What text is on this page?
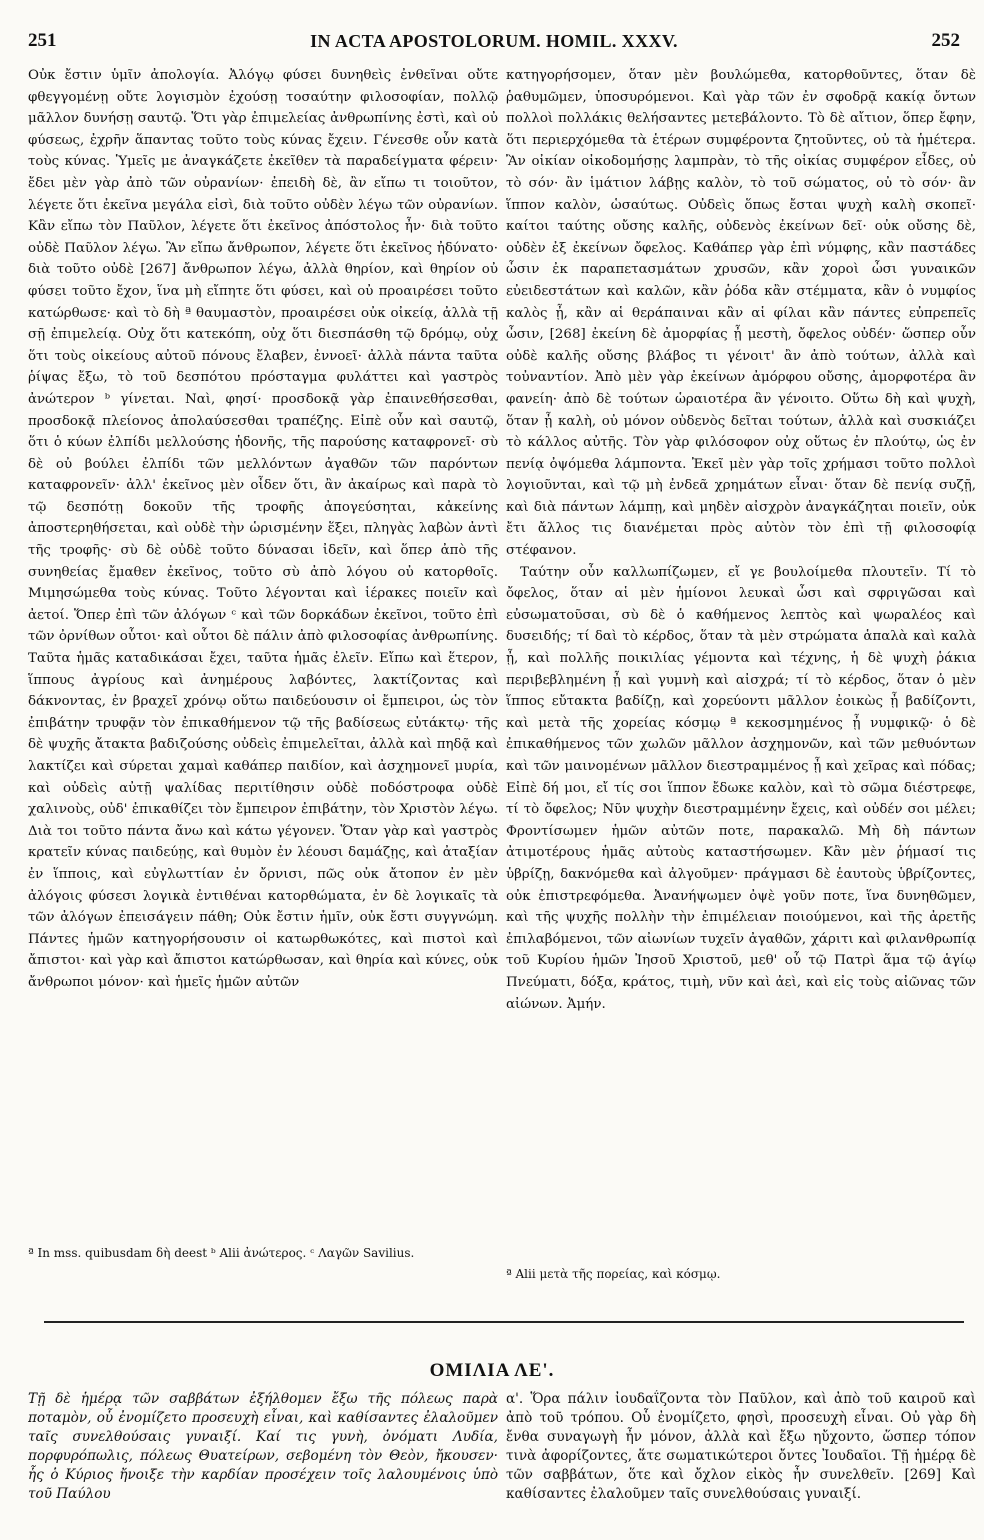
251	IN ACTA APOSTOLORUM. HOMIL. XXXV.	252

Οὐκ ἔστιν ὑμῖν ἀπολογία. Ἀλόγῳ φύσει δυνηθεὶς ἐνθεῖναι οὔτε φθεγγομένῃ οὔτε λογισμὸν ἐχούσῃ τοσαύτην φιλοσοφίαν, πολλῷ μᾶλλον δυνήσῃ σαυτῷ. Ὅτι γὰρ ἐπιμελείας ἀνθρωπίνης ἐστὶ, καὶ οὐ φύσεως, ἐχρῆν ἅπαντας τοῦτο τοὺς κύνας ἔχειν. Γένεσθε οὖν κατὰ τοὺς κύνας. Ὑμεῖς με ἀναγκάζετε ἐκεῖθεν τὰ παραδείγματα φέρειν· ἔδει μὲν γὰρ ἀπὸ τῶν οὐρανίων· ἐπειδὴ δὲ, ἂν εἴπω τι τοιοῦτον, λέγετε ὅτι ἐκεῖνα μεγάλα εἰσὶ, διὰ τοῦτο οὐδὲν λέγω τῶν οὐρανίων. Κἂν εἴπω τὸν Παῦλον, λέγετε ὅτι ἐκεῖνος ἀπόστολος ἦν· διὰ τοῦτο οὐδὲ Παῦλον λέγω. Ἂν εἴπω ἄνθρωπον, λέγετε ὅτι ἐκεῖνος ἠδύνατο· διὰ τοῦτο οὐδὲ [267] ἄνθρωπον λέγω, ἀλλὰ θηρίον, καὶ θηρίον οὐ φύσει τοῦτο ἔχον, ἵνα μὴ εἴπητε ὅτι φύσει, καὶ οὐ προαιρέσει τοῦτο κατώρθωσε· καὶ τὸ δὴ ª θαυμαστὸν, προαιρέσει οὐκ οἰκείᾳ, ἀλλὰ τῇ σῇ ἐπιμελείᾳ. Οὐχ ὅτι κατεκόπη, οὐχ ὅτι διεσπάσθη τῷ δρόμῳ, οὐχ ὅτι τοὺς οἰκείους αὐτοῦ πόνους ἔλαβεν, ἐννοεῖ· ἀλλὰ πάντα ταῦτα ῥίψας ἔξω, τὸ τοῦ δεσπότου πρόσταγμα φυλάττει καὶ γαστρὸς ἀνώτερον ᵇ γίνεται. Ναὶ, φησί· προσδοκᾷ γὰρ ἐπαινεθήσεσθαι, προσδοκᾷ πλείονος ἀπολαύσεσθαι τραπέζης. Εἰπὲ οὖν καὶ σαυτῷ, ὅτι ὁ κύων ἐλπίδι μελλούσης ἡδονῆς, τῆς παρούσης καταφρονεῖ· σὺ δὲ οὐ βούλει ἐλπίδι τῶν μελλόντων ἀγαθῶν τῶν παρόντων καταφρονεῖν· ἀλλ' ἐκεῖνος μὲν οἶδεν ὅτι, ἂν ἀκαίρως καὶ παρὰ τὸ τῷ δεσπότῃ δοκοῦν τῆς τροφῆς ἀπογεύσηται, κἀκείνης ἀποστερηθήσεται, καὶ οὐδὲ τὴν ὡρισμένην ἕξει, πληγὰς λαβὼν ἀντὶ τῆς τροφῆς· σὺ δὲ οὐδὲ τοῦτο δύνασαι ἰδεῖν, καὶ ὅπερ ἀπὸ τῆς συνηθείας ἔμαθεν ἐκεῖνος, τοῦτο σὺ ἀπὸ λόγου οὐ κατορθοῖς. Μιμησώμεθα τοὺς κύνας. Τοῦτο λέγονται καὶ ἱέρακες ποιεῖν καὶ ἀετοί. Ὅπερ ἐπὶ τῶν ἀλόγων ᶜ καὶ τῶν δορκάδων ἐκεῖνοι, τοῦτο ἐπὶ τῶν ὀρνίθων οὗτοι· καὶ οὗτοι δὲ πάλιν ἀπὸ φιλοσοφίας ἀνθρωπίνης. Ταῦτα ἡμᾶς καταδικάσαι ἔχει, ταῦτα ἡμᾶς ἐλεῖν. Εἴπω καὶ ἕτερον, ἵππους ἀγρίους καὶ ἀνημέρους λαβόντες, λακτίζοντας καὶ δάκνοντας, ἐν βραχεῖ χρόνῳ οὕτω παιδεύουσιν οἱ ἔμπειροι, ὡς τὸν ἐπιβάτην τρυφᾷν τὸν ἐπικαθήμενον τῷ τῆς βαδίσεως εὐτάκτῳ· τῆς δὲ ψυχῆς ἄτακτα βαδιζούσης οὐδεὶς ἐπιμελεῖται, ἀλλὰ καὶ πηδᾷ καὶ λακτίζει καὶ σύρεται χαμαὶ καθάπερ παιδίον, καὶ ἀσχημονεῖ μυρία, καὶ οὐδεὶς αὐτῇ ψαλίδας περιτίθησιν οὐδὲ ποδόστροφα οὐδὲ χαλινοὺς, οὐδ' ἐπικαθίζει τὸν ἔμπειρον ἐπιβάτην, τὸν Χριστὸν λέγω. Διὰ τοι τοῦτο πάντα ἄνω καὶ κάτω γέγονεν. Ὅταν γὰρ καὶ γαστρὸς κρατεῖν κύνας παιδεύῃς, καὶ θυμὸν ἐν λέουσι δαμάζῃς, καὶ ἀταξίαν ἐν ἵπποις, καὶ εὐγλωττίαν ἐν ὄρνισι, πῶς οὐκ ἄτοπον ἐν μὲν ἀλόγοις φύσεσι λογικὰ ἐντιθέναι κατορθώματα, ἐν δὲ λογικαῖς τὰ τῶν ἀλόγων ἐπεισάγειν πάθη; Οὐκ ἔστιν ἡμῖν, οὐκ ἔστι συγγνώμη. Πάντες ἡμῶν κατηγορήσουσιν οἱ κατωρθωκότες, καὶ πιστοὶ καὶ ἄπιστοι· καὶ γὰρ καὶ ἄπιστοι κατώρθωσαν, καὶ θηρία καὶ κύνες, οὐκ ἄνθρωποι μόνον· καὶ ἡμεῖς ἡμῶν αὐτῶν

κατηγορήσομεν, ὅταν μὲν βουλώμεθα, κατορθοῦντες, ὅταν δὲ ῥαθυμῶμεν, ὑποσυρόμενοι. Καὶ γὰρ τῶν ἐν σφοδρᾷ κακίᾳ ὄντων πολλοὶ πολλάκις θελήσαντες μετεβάλοντο. Τὸ δὲ αἴτιον, ὅπερ ἔφην, ὅτι περιερχόμεθα τὰ ἑτέρων συμφέροντα ζητοῦντες, οὐ τὰ ἡμέτερα. Ἂν οἰκίαν οἰκοδομήσῃς λαμπρὰν, τὸ τῆς οἰκίας συμφέρον εἶδες, οὐ τὸ σόν· ἂν ἱμάτιον λάβῃς καλὸν, τὸ τοῦ σώματος, οὐ τὸ σόν· ἂν ἵππον καλὸν, ὡσαύτως. Οὐδεὶς ὅπως ἔσται ψυχὴ καλὴ σκοπεῖ· καίτοι ταύτης οὔσης καλῆς, οὐδενὸς ἐκείνων δεῖ· οὐκ οὔσης δὲ, οὐδὲν ἐξ ἐκείνων ὄφελος. Καθάπερ γὰρ ἐπὶ νύμφης, κἂν παστάδες ὦσιν ἐκ παραπετασμάτων χρυσῶν, κἂν χοροὶ ὦσι γυναικῶν εὐειδεστάτων καὶ καλῶν, κἂν ῥόδα κἂν στέμματα, κἂν ὁ νυμφίος καλὸς ᾖ, κἂν αἱ θεράπαιναι κἂν αἱ φίλαι κἂν πάντες εὐπρεπεῖς ὦσιν, [268] ἐκείνη δὲ ἀμορφίας ᾖ μεστὴ, ὄφελος οὐδέν· ὥσπερ οὖν οὐδὲ καλῆς οὔσης βλάβος τι γένοιτ' ἂν ἀπὸ τούτων, ἀλλὰ καὶ τοὐναντίον. Ἀπὸ μὲν γὰρ ἐκείνων ἀμόρφου οὔσης, ἀμορφοτέρα ἂν φανείη· ἀπὸ δὲ τούτων ὡραιοτέρα ἂν γένοιτο. Οὕτω δὴ καὶ ψυχὴ, ὅταν ᾖ καλὴ, οὐ μόνον οὐδενὸς δεῖται τούτων, ἀλλὰ καὶ συσκιάζει τὸ κάλλος αὐτῆς. Τὸν γὰρ φιλόσοφον οὐχ οὕτως ἐν πλούτῳ, ὡς ἐν πενίᾳ ὀψόμεθα λάμποντα. Ἐκεῖ μὲν γὰρ τοῖς χρήμασι τοῦτο πολλοὶ λογιοῦνται, καὶ τῷ μὴ ἐνδεᾶ χρημάτων εἶναι· ὅταν δὲ πενίᾳ συζῇ, καὶ διὰ πάντων λάμπῃ, καὶ μηδὲν αἰσχρὸν ἀναγκάζηται ποιεῖν, οὐκ ἔτι ἄλλος τις διανέμεται πρὸς αὐτὸν τὸν ἐπὶ τῇ φιλοσοφίᾳ στέφανον.

Ταύτην οὖν καλλωπίζωμεν, εἴ γε βουλοίμεθα πλουτεῖν. Τί τὸ ὄφελος, ὅταν αἱ μὲν ἡμίονοι λευκαὶ ὦσι καὶ σφριγῶσαι καὶ εὐσωματοῦσαι, σὺ δὲ ὁ καθήμενος λεπτὸς καὶ ψωραλέος καὶ δυσειδής; τί δαὶ τὸ κέρδος, ὅταν τὰ μὲν στρώματα ἁπαλὰ καὶ καλὰ ᾖ, καὶ πολλῆς ποικιλίας γέμοντα καὶ τέχνης, ἡ δὲ ψυχὴ ῥάκια περιβεβλημένη ᾖ καὶ γυμνὴ καὶ αἰσχρά; τί τὸ κέρδος, ὅταν ὁ μὲν ἵππος εὔτακτα βαδίζῃ, καὶ χορεύοντι μᾶλλον ἐοικὼς ᾖ βαδίζοντι, καὶ μετὰ τῆς χορείας κόσμῳ ª κεκοσμημένος ᾖ νυμφικῷ· ὁ δὲ ἐπικαθήμενος τῶν χωλῶν μᾶλλον ἀσχημονῶν, καὶ τῶν μεθυόντων καὶ τῶν μαινομένων μᾶλλον διεστραμμένος ᾖ καὶ χεῖρας καὶ πόδας; Εἰπὲ δή μοι, εἴ τίς σοι ἵππον ἔδωκε καλὸν, καὶ τὸ σῶμα διέστρεφε, τί τὸ ὄφελος; Νῦν ψυχὴν διεστραμμένην ἔχεις, καὶ οὐδέν σοι μέλει; Φροντίσωμεν ἡμῶν αὐτῶν ποτε, παρακαλῶ. Μὴ δὴ πάντων ἀτιμοτέρους ἡμᾶς αὐτοὺς καταστήσωμεν. Κἂν μὲν ῥήμασί τις ὑβρίζῃ, δακνόμεθα καὶ ἀλγοῦμεν· πράγμασι δὲ ἑαυτοὺς ὑβρίζοντες, οὐκ ἐπιστρεφόμεθα. Ἀνανήψωμεν ὀψὲ γοῦν ποτε, ἵνα δυνηθῶμεν, καὶ τῆς ψυχῆς πολλὴν τὴν ἐπιμέλειαν ποιούμενοι, καὶ τῆς ἀρετῆς ἐπιλαβόμενοι, τῶν αἰωνίων τυχεῖν ἀγαθῶν, χάριτι καὶ φιλανθρωπίᾳ τοῦ Κυρίου ἡμῶν Ἰησοῦ Χριστοῦ, μεθ' οὗ τῷ Πατρὶ ἅμα τῷ ἁγίῳ Πνεύματι, δόξα, κράτος, τιμὴ, νῦν καὶ ἀεὶ, καὶ εἰς τοὺς αἰῶνας τῶν αἰώνων. Ἀμήν.

ª In mss. quibusdam δὴ deest ᵇ Alii ἀνώτερος. ᶜ Λαγῶν Savilius.
ª Alii μετὰ τῆς πορείας, καὶ κόσμῳ.
ΟΜΙΛΙΑ ΛΕ'.
Τῇ δὲ ἡμέρᾳ τῶν σαββάτων ἐξήλθομεν ἔξω τῆς πόλεως παρὰ ποταμὸν, οὗ ἐνομίζετο προσευχὴ εἶναι, καὶ καθίσαντες ἐλαλοῦμεν ταῖς συνελθούσαις γυναιξί. Καί τις γυνὴ, ὀνόματι Λυδία, πορφυρόπωλις, πόλεως Θυατείρων, σεβομένη τὸν Θεὸν, ἤκουσεν· ἧς ὁ Κύριος ἤνοιξε τὴν καρδίαν προσέχειν τοῖς λαλουμένοις ὑπὸ τοῦ Παύλου
α'. Ὅρα πάλιν ἰουδαΐζοντα τὸν Παῦλον, καὶ ἀπὸ τοῦ καιροῦ καὶ ἀπὸ τοῦ τρόπου. Οὗ ἐνομίζετο, φησὶ, προσευχὴ εἶναι. Οὐ γὰρ δὴ ἔνθα συναγωγὴ ἦν μόνον, ἀλλὰ καὶ ἔξω ηὔχοντο, ὥσπερ τόπον τινὰ ἀφορίζοντες, ἅτε σωματικώτεροι ὄντες Ἰουδαῖοι. Τῇ ἡμέρᾳ δὲ τῶν σαββάτων, ὅτε καὶ ὄχλον εἰκὸς ἦν συνελθεῖν. [269] Καὶ καθίσαντες ἐλαλοῦμεν ταῖς συνελθούσαις γυναιξί.
